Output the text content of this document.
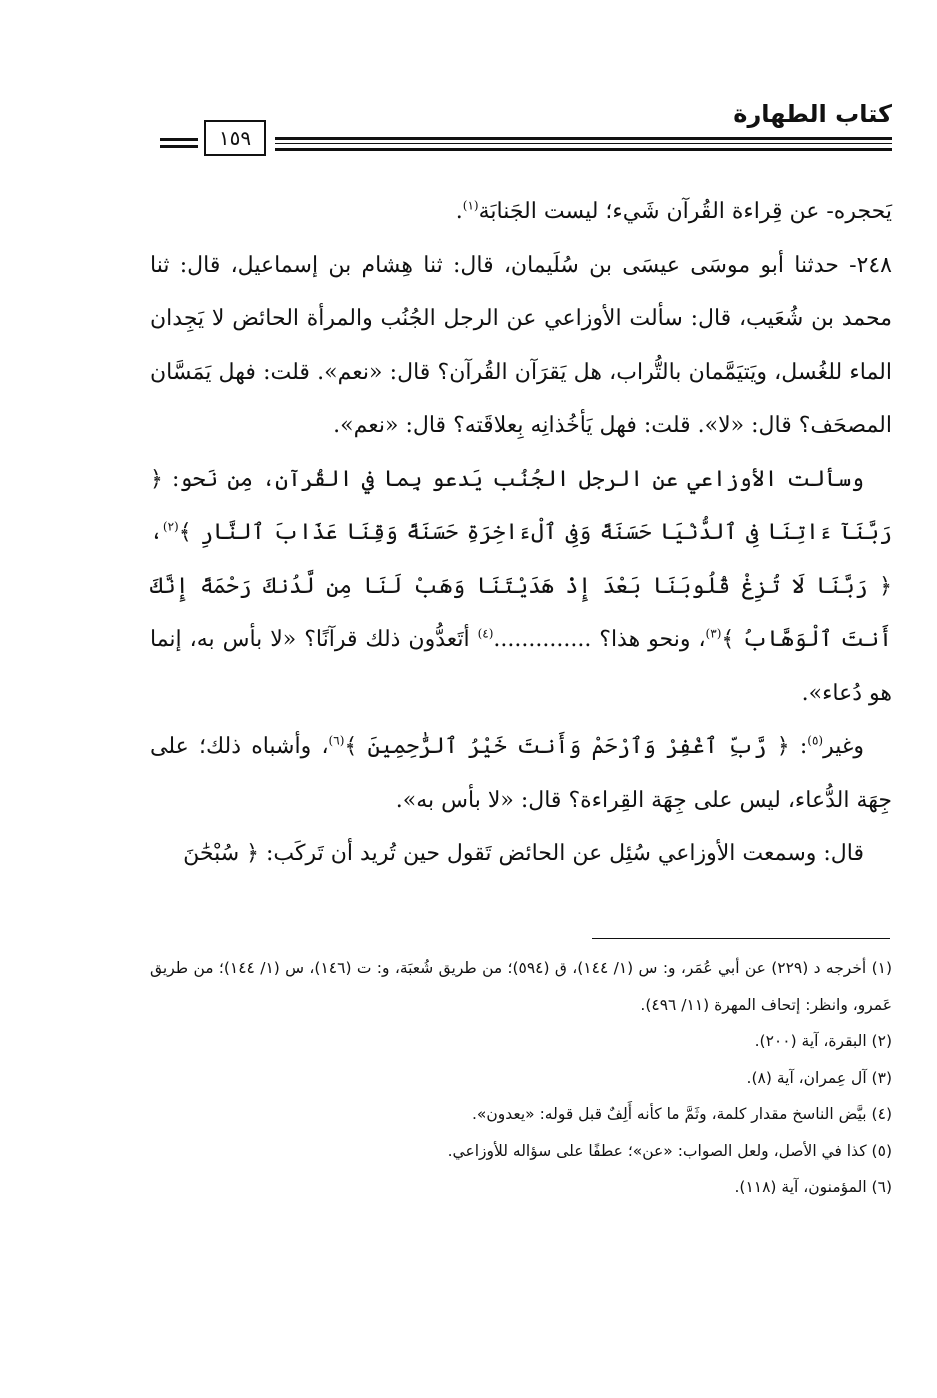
كتاب الطهارة
١٥٩

يَحجره- عن قِراءة القُرآن شَيء؛ ليست الجَنابَة$^{(١)}$.

٢٤٨- حدثنا أبو موسَى عيسَى بن سُلَيمان، قال: ثنا هِشام بن إسماعيل، قال: ثنا محمد بن شُعَيب، قال: سألت الأوزاعي عن الرجل الجُنُب والمرأة الحائض لا يَجِدان الماء للغُسل، ويَتيَمَّمان بالتُّراب، هل يَقرَآن القُرآن؟ قال: «نعم». قلت: فهل يَمَسَّان المصحَف؟ قال: «لا». قلت: فهل يَأخُذانِه بِعلاقَته؟ قال: «نعم».

وسألت الأوزاعي عن الرجل الجُنُب يَدعو بِما في القُرآن، مِن نَحو: ﴿ رَبَّنَآ ءَاتِنَا فِى ٱلدُّنْيَا حَسَنَةً وَفِى ٱلْءَاخِرَةِ حَسَنَةً وَقِنَا عَذَابَ ٱلنَّارِ ﴾$^{(٢)}$، ﴿ رَبَّنَا لَا تُزِغْ قُلُوبَنَا بَعْدَ إِذْ هَدَيْتَنَا وَهَبْ لَنَا مِن لَّدُنكَ رَحْمَةً إِنَّكَ أَنتَ ٱلْوَهَّابُ ﴾$^{(٣)}$، ونحو هذا؟ ..............$^{(٤)}$ أتَعدُّون ذلك قرآنًا؟ «لا بأس به، إنما هو دُعاء».

وغير$^{(٥)}$: ﴿ رَّبِّ ٱغْفِرْ وَٱرْحَمْ وَأَنتَ خَيْرُ ٱلرَّٰحِمِينَ ﴾$^{(٦)}$، وأشباه ذلك؛ على جِهَة الدُّعاء، ليس على جِهَة القِراءة؟ قال: «لا بأس به».

قال: وسمعت الأوزاعي سُئِل عن الحائض تَقول حين تُريد أن تَركَب: ﴿ سُبْحَٰنَ

(١) أخرجه د (٢٢٩) عن أبي عُمَر، و: س (١/ ١٤٤)، ق (٥٩٤)؛ من طريق شُعبَة، و: ت (١٤٦)، س (١/ ١٤٤)؛ من طريق عَمرو، وانظر: إتحاف المهرة (١١/ ٤٩٦).

(٢) البقرة، آية (٢٠٠).

(٣) آل عِمران، آية (٨).

(٤) بيَّض الناسخ مقدار كلمة، وثَمَّ ما كأنه أَلِفٌ قبل قوله: «يعدون».

(٥) كذا في الأصل، ولعل الصواب: «عن»؛ عطفًا على سؤاله للأوزاعي.

(٦) المؤمنون، آية (١١٨).
